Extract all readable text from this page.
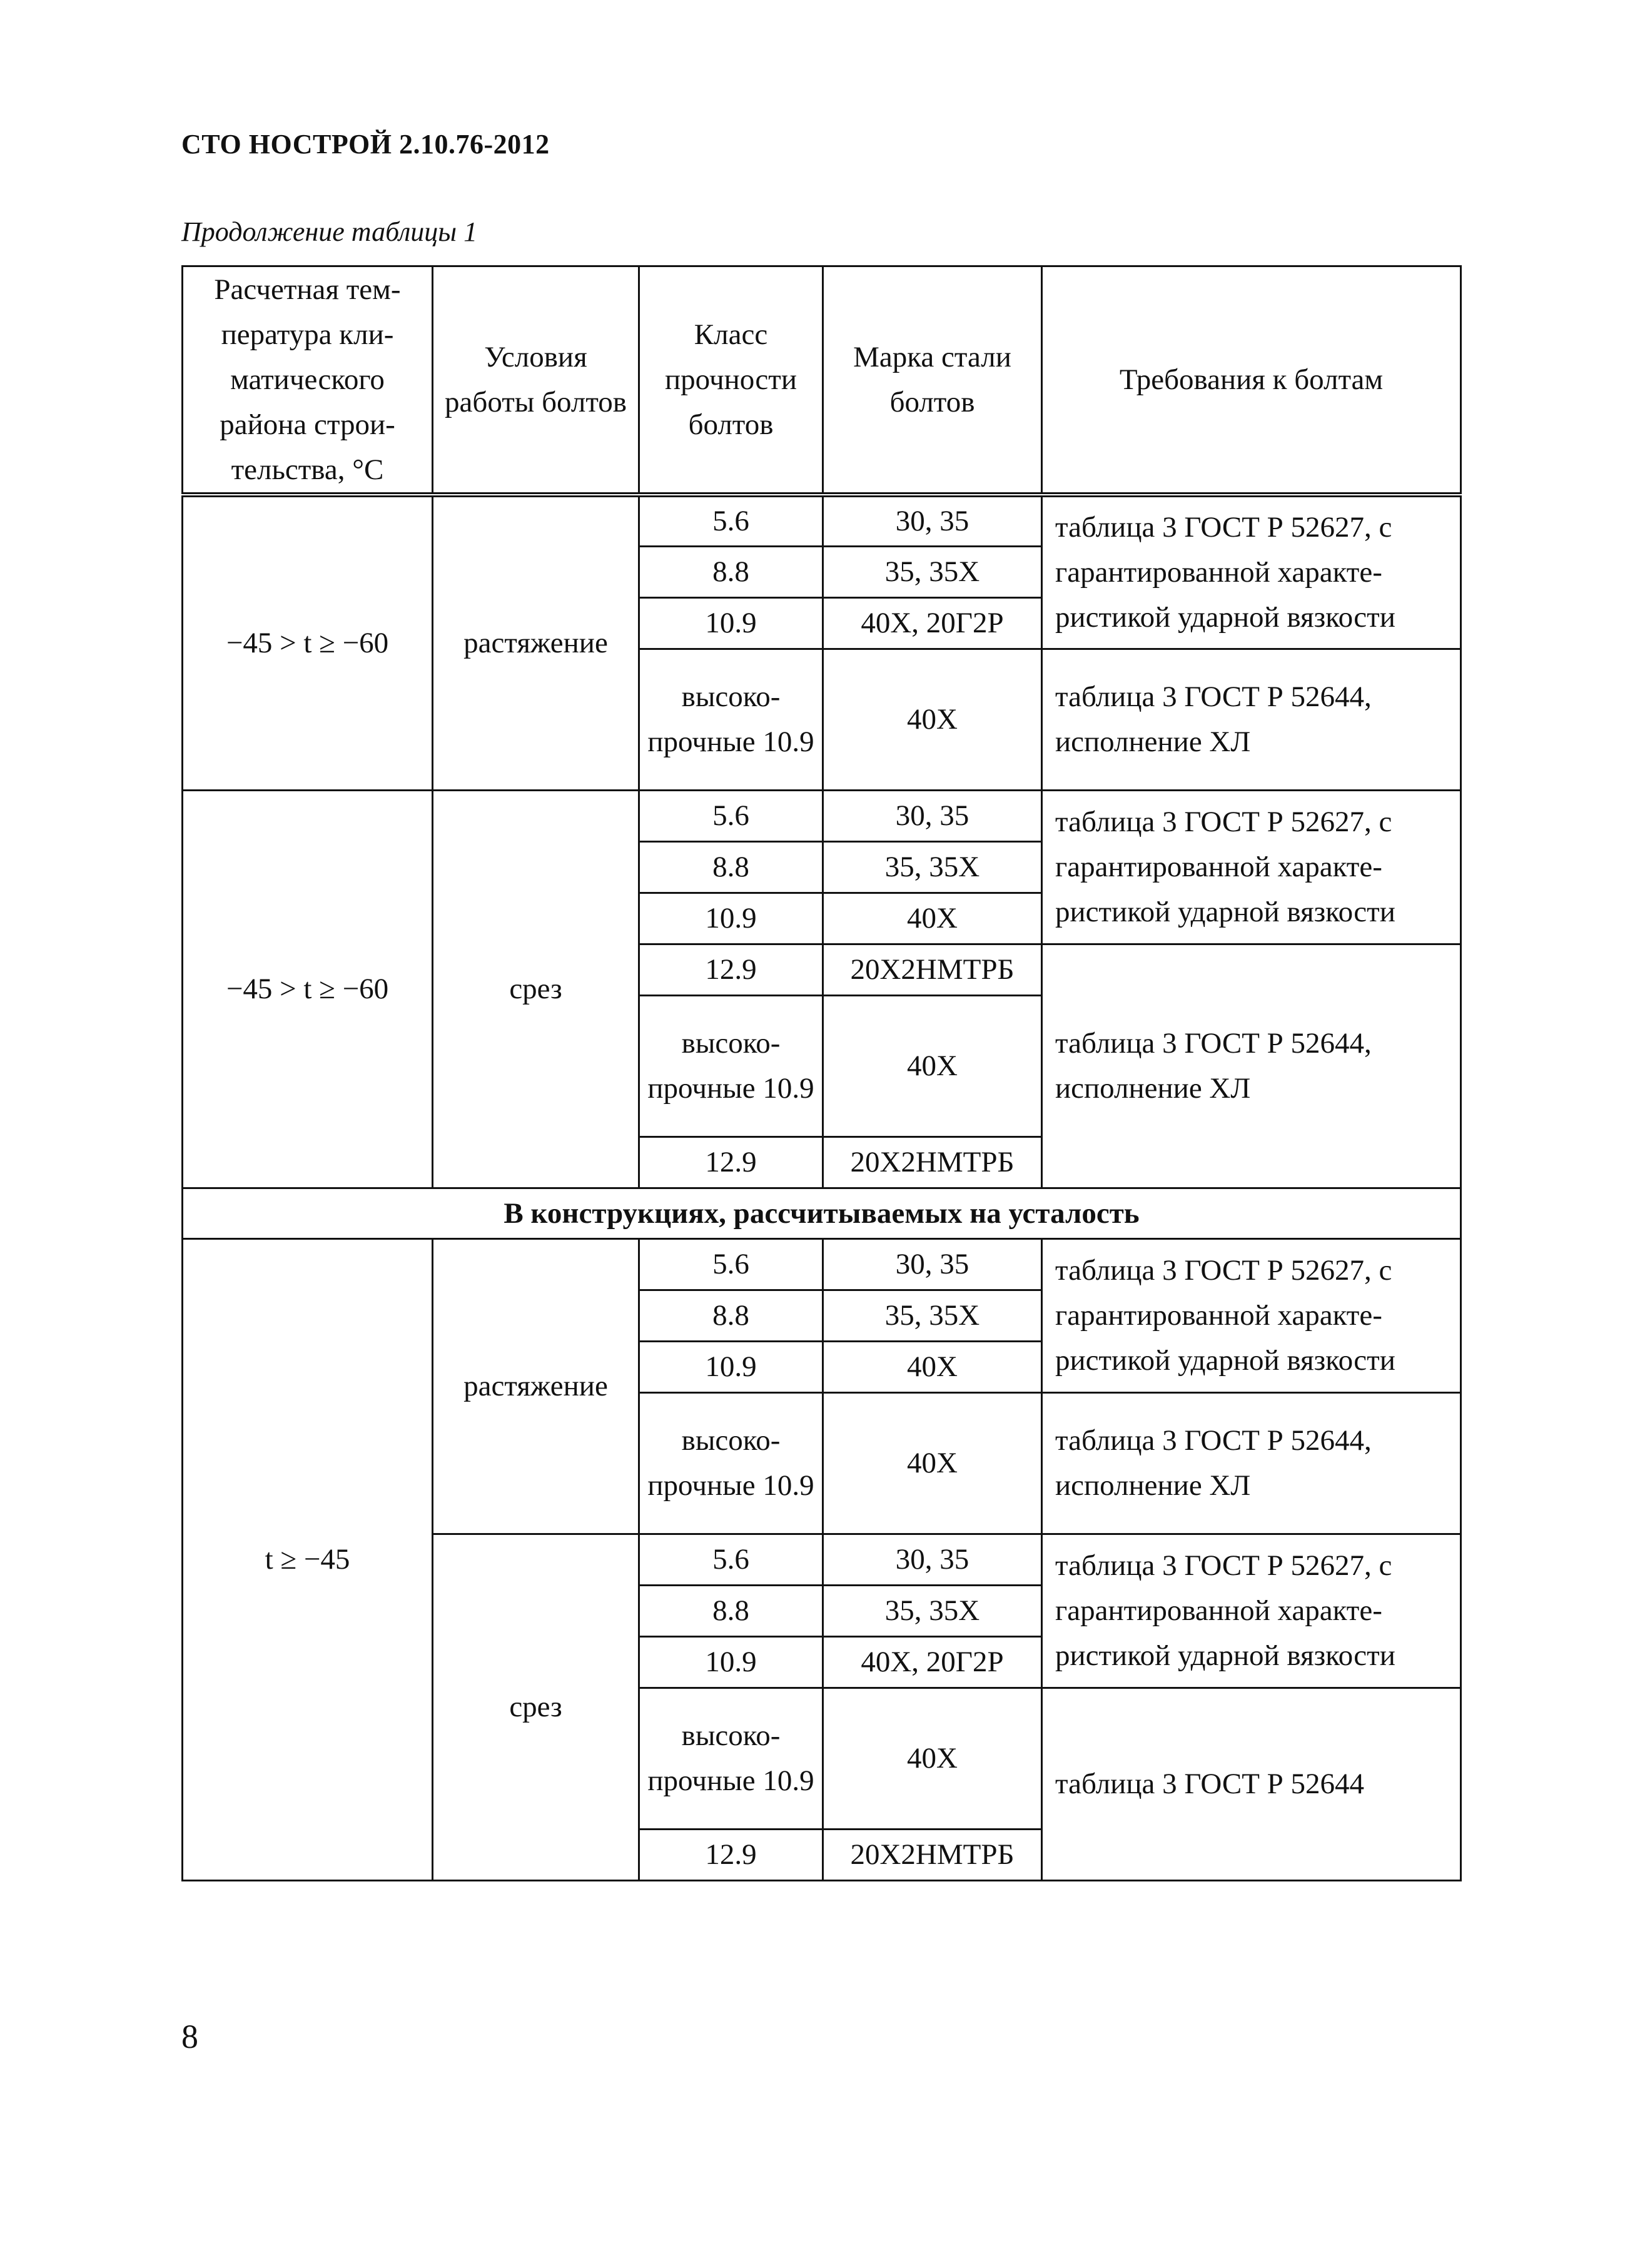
СТО НОСТРОЙ 2.10.76-2012
Продолжение таблицы 1
Расчетная тем- пература кли- матического района строи- тельства, °С	Условия работы болтов	Класс прочности болтов	Марка стали болтов	Требования к болтам
−45 > t ≥ −60	растяжение	5.6	30, 35	таблица 3 ГОСТ Р 52627, с гарантированной характе- ристикой ударной вязкости
		8.8	35, 35Х	
		10.9	40Х, 20Г2Р	
		высоко- прочные 10.9	40Х	таблица 3 ГОСТ Р 52644, исполнение ХЛ
−45 > t ≥ −60	срез	5.6	30, 35	таблица 3 ГОСТ Р 52627, с гарантированной характе- ристикой ударной вязкости
		8.8	35, 35Х	
		10.9	40Х	
		12.9	20Х2НМТРБ	таблица 3 ГОСТ Р 52644, исполнение ХЛ
		высоко- прочные 10.9	40Х	
		12.9	20Х2НМТРБ	
В конструкциях, рассчитываемых на усталость				
t ≥ −45	растяжение	5.6	30, 35	таблица 3 ГОСТ Р 52627, с гарантированной характе- ристикой ударной вязкости
		8.8	35, 35Х	
		10.9	40Х	
		высоко- прочные 10.9	40Х	таблица 3 ГОСТ Р 52644, исполнение ХЛ
	срез	5.6	30, 35	таблица 3 ГОСТ Р 52627, с гарантированной характе- ристикой ударной вязкости
		8.8	35, 35Х	
		10.9	40Х, 20Г2Р	
		высоко- прочные 10.9	40Х	таблица 3 ГОСТ Р 52644
		12.9	20Х2НМТРБ	
8
